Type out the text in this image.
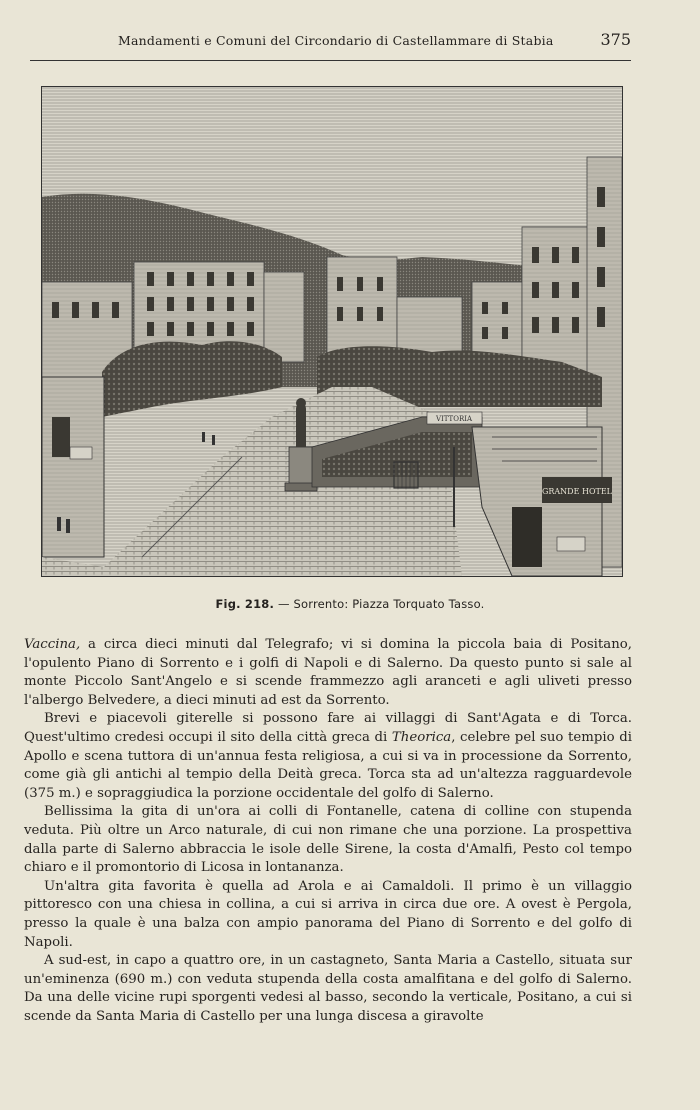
Mandamenti e Comuni del Circondario di Castellammare di Stabia	375
VITTORIA
GRANDE HOTEL
Fig. 218. — Sorrento: Piazza Torquato Tasso.

Vaccina, a circa dieci minuti dal Telegrafo; vi si domina la piccola baia di Positano, l'opulento Piano di Sorrento e i golfi di Napoli e di Salerno. Da questo punto si sale al monte Piccolo Sant'Angelo e si scende frammezzo agli aranceti e agli uliveti presso l'albergo Belvedere, a dieci minuti ad est da Sorrento.

Brevi e piacevoli giterelle si possono fare ai villaggi di Sant'Agata e di Torca. Quest'ultimo credesi occupi il sito della città greca di Theorica, celebre pel suo tempio di Apollo e scena tuttora di un'annua festa religiosa, a cui si va in processione da Sorrento, come già gli antichi al tempio della Deità greca. Torca sta ad un'altezza ragguardevole (375 m.) e sopraggiudica la porzione occidentale del golfo di Salerno.

Bellissima la gita di un'ora ai colli di Fontanelle, catena di colline con stupenda veduta. Più oltre un Arco naturale, di cui non rimane che una porzione. La prospettiva dalla parte di Salerno abbraccia le isole delle Sirene, la costa d'Amalfi, Pesto col tempo chiaro e il promontorio di Licosa in lontananza.

Un'altra gita favorita è quella ad Arola e ai Camaldoli. Il primo è un villaggio pittoresco con una chiesa in collina, a cui si arriva in circa due ore. A ovest è Pergola, presso la quale è una balza con ampio panorama del Piano di Sorrento e del golfo di Napoli.

A sud-est, in capo a quattro ore, in un castagneto, Santa Maria a Castello, situata sur un'eminenza (690 m.) con veduta stupenda della costa amalfitana e del golfo di Salerno. Da una delle vicine rupi sporgenti vedesi al basso, secondo la verticale, Positano, a cui si scende da Santa Maria di Castello per una lunga discesa a giravolte
